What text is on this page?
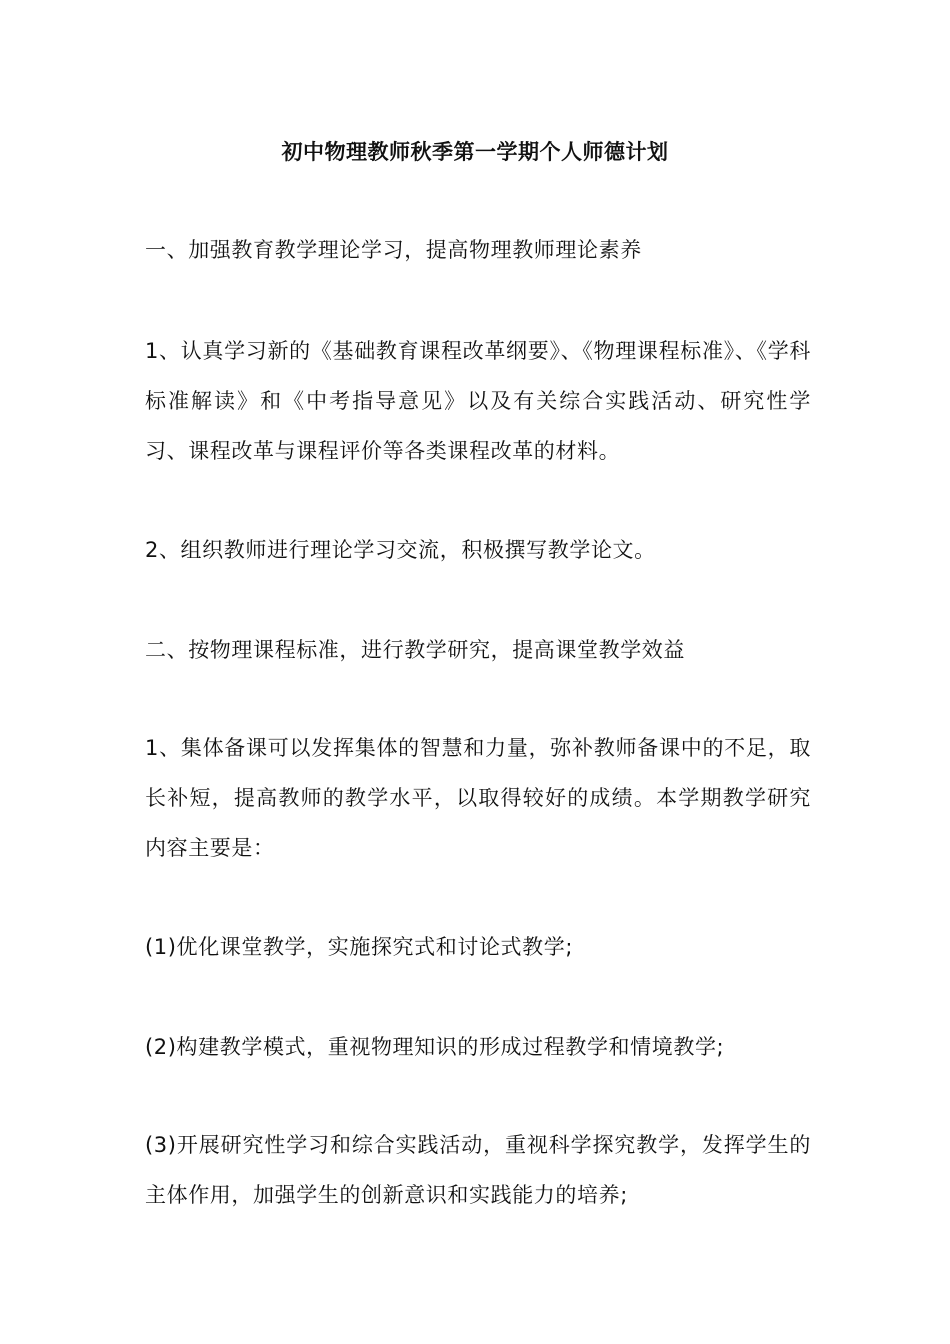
初中物理教师秋季第一学期个人师德计划

一、加强教育教学理论学习，提高物理教师理论素养

1、认真学习新的《基础教育课程改革纲要》、《物理课程标准》、《学科标准解读》和《中考指导意见》以及有关综合实践活动、研究性学习、课程改革与课程评价等各类课程改革的材料。

2、组织教师进行理论学习交流，积极撰写教学论文。

二、按物理课程标准，进行教学研究，提高课堂教学效益

1、集体备课可以发挥集体的智慧和力量，弥补教师备课中的不足，取长补短，提高教师的教学水平，以取得较好的成绩。本学期教学研究内容主要是：

(1)优化课堂教学，实施探究式和讨论式教学;

(2)构建教学模式，重视物理知识的形成过程教学和情境教学;

(3)开展研究性学习和综合实践活动，重视科学探究教学，发挥学生的主体作用，加强学生的创新意识和实践能力的培养;
